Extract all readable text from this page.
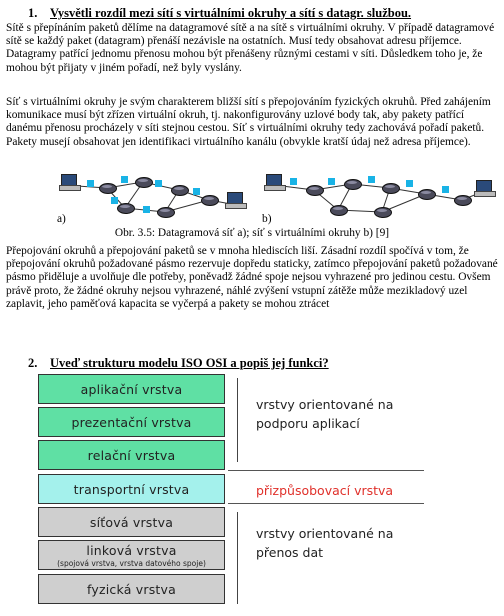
1. Vysvětli rozdíl mezi sítí s virtuálními okruhy a sítí s datagr. službou.
Sítě s přepínáním paketů dělíme na datagramové sítě a na sítě s virtuálními okruhy. V případě datagramové sítě se každý paket (datagram) přenáší nezávisle na ostatních. Musí tedy obsahovat adresu příjemce. Datagramy patřící jednomu přenosu mohou být přenášeny různými cestami v síti. Důsledkem toho je, že mohou být přijaty v jiném pořadí, než byly vyslány.
Síť s virtuálními okruhy je svým charakterem bližší sítí s přepojováním fyzických okruhů. Před zahájením komunikace musí být zřízen virtuální okruh, tj. nakonfigurovány uzlové body tak, aby pakety patřící danému přenosu procházely v síti stejnou cestou. Síť s virtuálními okruhy tedy zachovává pořadí paketů. Pakety musejí obsahovat jen identifikaci virtuálního kanálu (obvykle kratší údaj než adresa příjemce).
a)	b)
Obr. 3.5: Datagramová síť a); síť s virtuálními okruhy b) [9]
Přepojování okruhů a přepojování paketů se v mnoha hlediscích liší. Zásadní rozdíl spočívá v tom, že přepojování okruhů požadované pásmo rezervuje dopředu staticky, zatímco přepojování paketů požadované pásmo přiděluje a uvolňuje dle potřeby, poněvadž žádné spoje nejsou vyhrazené pro jedinou cestu. Ovšem právě proto, že žádné okruhy nejsou vyhrazené, náhlé zvýšení vstupní zátěže může mezikladový uzel zaplavit, jeho paměťová kapacita se vyčerpá a pakety se mohou ztrácet
2. Uveď strukturu modelu ISO OSI a popiš jej funkci?
aplikační vrstva
prezentační vrstva
relační vrstva
transportní vrstva
síťová vrstva
linková vrstva
(spojová vrstva, vrstva datového spoje)
fyzická vrstva
vrstvy orientované na podporu aplikací
přizpůsobovací vrstva
vrstvy orientované na přenos dat
